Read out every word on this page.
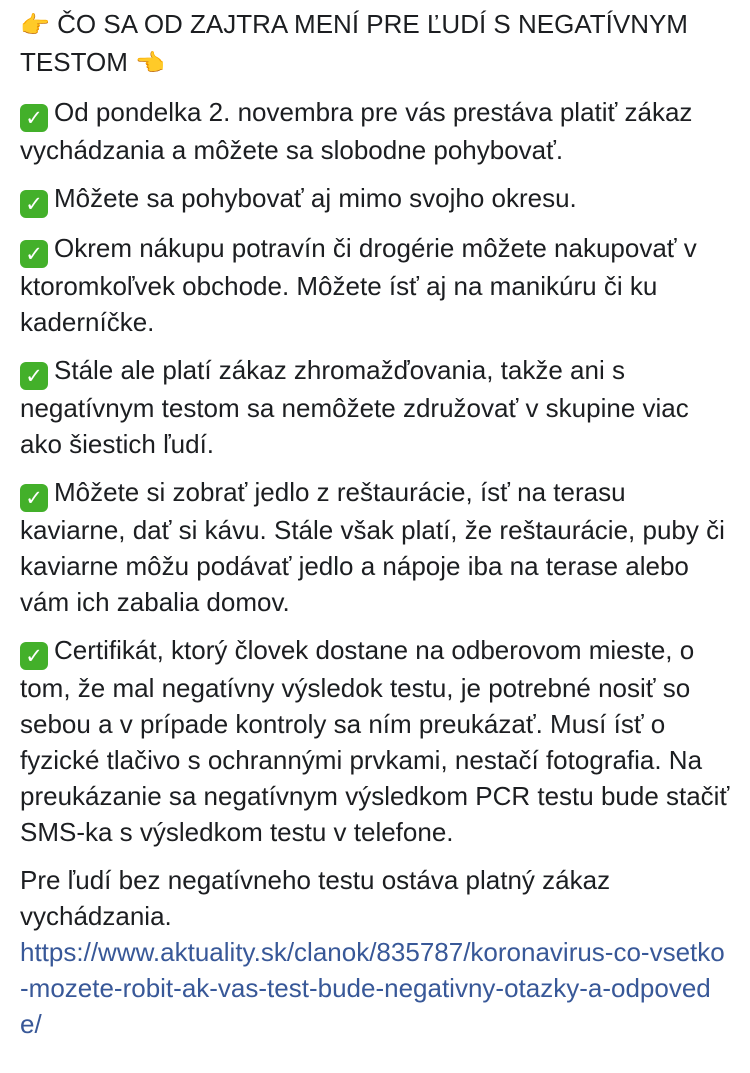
👉 ČO SA OD ZAJTRA MENÍ PRE ĽUDÍ S NEGATÍVNYM TESTOM 👈

✓ Od pondelka 2. novembra pre vás prestáva platiť zákaz vychádzania a môžete sa slobodne pohybovať.

✓ Môžete sa pohybovať aj mimo svojho okresu.

✓ Okrem nákupu potravín či drogérie môžete nakupovať v ktoromkoľvek obchode. Môžete ísť aj na manikúru či ku kaderníčke.

✓ Stále ale platí zákaz zhromažďovania, takže ani s negatívnym testom sa nemôžete združovať v skupine viac ako šiestich ľudí.

✓ Môžete si zobrať jedlo z reštaurácie, ísť na terasu kaviarne, dať si kávu. Stále však platí, že reštaurácie, puby či kaviarne môžu podávať jedlo a nápoje iba na terase alebo vám ich zabalia domov.

✓ Certifikát, ktorý človek dostane na odberovom mieste, o tom, že mal negatívny výsledok testu, je potrebné nosiť so sebou a v prípade kontroly sa ním preukázať. Musí ísť o fyzické tlačivo s ochrannými prvkami, nestačí fotografia. Na preukázanie sa negatívnym výsledkom PCR testu bude stačiť SMS-ka s výsledkom testu v telefone.

Pre ľudí bez negatívneho testu ostáva platný zákaz vychádzania.
https://www.aktuality.sk/clanok/835787/koronavirus-co-vsetko-mozete-robit-ak-vas-test-bude-negativny-otazky-a-odpovede/
